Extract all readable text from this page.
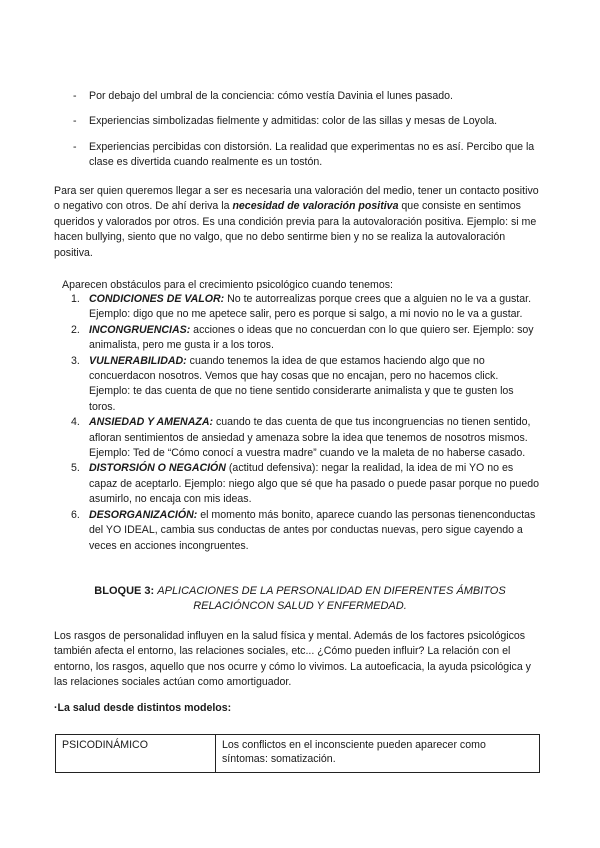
- Por debajo del umbral de la conciencia: cómo vestía Davinia el lunes pasado.
- Experiencias simbolizadas fielmente y admitidas: color de las sillas y mesas de Loyola.
- Experiencias percibidas con distorsión. La realidad que experimentas no es así. Percibo que la clase es divertida cuando realmente es un tostón.

Para ser quien queremos llegar a ser es necesaria una valoración del medio, tener un contacto positivo o negativo con otros. De ahí deriva la necesidad de valoración positiva que consiste en sentimos queridos y valorados por otros. Es una condición previa para la autovaloración positiva. Ejemplo: si me hacen bullying, siento que no valgo, que no debo sentirme bien y no se realiza la autovaloración positiva.

Aparecen obstáculos para el crecimiento psicológico cuando tenemos:

1. CONDICIONES DE VALOR: No te autorrealizas porque crees que a alguien no le va a gustar. Ejemplo: digo que no me apetece salir, pero es porque si salgo, a mi novio no le va a gustar.
2. INCONGRUENCIAS: acciones o ideas que no concuerdan con lo que quiero ser. Ejemplo: soy animalista, pero me gusta ir a los toros.
3. VULNERABILIDAD: cuando tenemos la idea de que estamos haciendo algo que no concuerdacon nosotros. Vemos que hay cosas que no encajan, pero no hacemos click. Ejemplo: te das cuenta de que no tiene sentido considerarte animalista y que te gusten los toros.
4. ANSIEDAD Y AMENAZA: cuando te das cuenta de que tus incongruencias no tienen sentido, afloran sentimientos de ansiedad y amenaza sobre la idea que tenemos de nosotros mismos. Ejemplo: Ted de “Cómo conocí a vuestra madre” cuando ve la maleta de no haberse casado.
5. DISTORSIÓN O NEGACIÓN (actitud defensiva): negar la realidad, la idea de mi YO no es capaz de aceptarlo. Ejemplo: niego algo que sé que ha pasado o puede pasar porque no puedo asumirlo, no encaja con mis ideas.
6. DESORGANIZACIÓN: el momento más bonito, aparece cuando las personas tienenconductas del YO IDEAL, cambia sus conductas de antes por conductas nuevas, pero sigue cayendo a veces en acciones incongruentes.

BLOQUE 3: APLICACIONES DE LA PERSONALIDAD EN DIFERENTES ÁMBITOS RELACIÓNCON SALUD Y ENFERMEDAD.

Los rasgos de personalidad influyen en la salud física y mental. Además de los factores psicológicos también afecta el entorno, las relaciones sociales, etc... ¿Cómo pueden influir? La relación con el entorno, los rasgos, aquello que nos ocurre y cómo lo vivimos. La autoeficacia, la ayuda psicológica y las relaciones sociales actúan como amortiguador.

·La salud desde distintos modelos:

PSICODINÁMICO	Los conflictos en el inconsciente pueden aparecer como síntomas: somatización.
